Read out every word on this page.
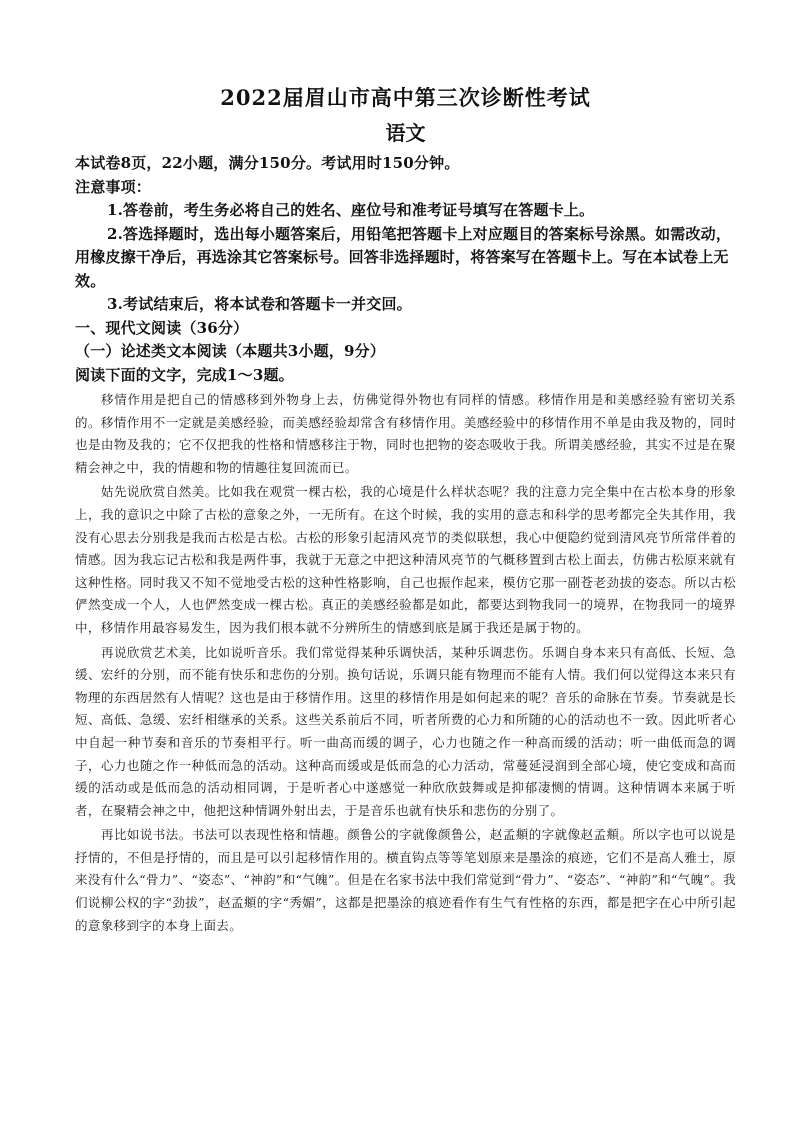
2022届眉山市高中第三次诊断性考试
语文

本试卷8页，22小题，满分150分。考试用时150分钟。

注意事项：

1.答卷前，考生务必将自己的姓名、座位号和准考证号填写在答题卡上。

2.答选择题时，选出每小题答案后，用铅笔把答题卡上对应题目的答案标号涂黑。如需改动，用橡皮擦干净后，再选涂其它答案标号。回答非选择题时，将答案写在答题卡上。写在本试卷上无效。

3.考试结束后，将本试卷和答题卡一并交回。

一、现代文阅读（36分）

（一）论述类文本阅读（本题共3小题，9分）

阅读下面的文字，完成1～3题。

移情作用是把自己的情感移到外物身上去，仿佛觉得外物也有同样的情感。移情作用是和美感经验有密切关系的。移情作用不一定就是美感经验，而美感经验却常含有移情作用。美感经验中的移情作用不单是由我及物的，同时也是由物及我的；它不仅把我的性格和情感移注于物，同时也把物的姿态吸收于我。所谓美感经验，其实不过是在聚精会神之中，我的情趣和物的情趣往复回流而已。

姑先说欣赏自然美。比如我在观赏一棵古松，我的心境是什么样状态呢？我的注意力完全集中在古松本身的形象上，我的意识之中除了古松的意象之外，一无所有。在这个时候，我的实用的意志和科学的思考都完全失其作用，我没有心思去分别我是我而古松是古松。古松的形象引起清风亮节的类似联想，我心中便隐约觉到清风亮节所常伴着的情感。因为我忘记古松和我是两件事，我就于无意之中把这种清风亮节的气概移置到古松上面去，仿佛古松原来就有这种性格。同时我又不知不觉地受古松的这种性格影响，自己也振作起来，模仿它那一副苍老劲拔的姿态。所以古松俨然变成一个人，人也俨然变成一棵古松。真正的美感经验都是如此，都要达到物我同一的境界，在物我同一的境界中，移情作用最容易发生，因为我们根本就不分辨所生的情感到底是属于我还是属于物的。

再说欣赏艺术美，比如说听音乐。我们常觉得某种乐调快活，某种乐调悲伤。乐调自身本来只有高低、长短、急缓、宏纤的分别，而不能有快乐和悲伤的分别。换句话说，乐调只能有物理而不能有人情。我们何以觉得这本来只有物理的东西居然有人情呢？这也是由于移情作用。这里的移情作用是如何起来的呢？音乐的命脉在节奏。节奏就是长短、高低、急缓、宏纤相继承的关系。这些关系前后不同，听者所费的心力和所随的心的活动也不一致。因此听者心中自起一种节奏和音乐的节奏相平行。听一曲高而缓的调子，心力也随之作一种高而缓的活动；听一曲低而急的调子，心力也随之作一种低而急的活动。这种高而缓或是低而急的心力活动，常蔓延浸润到全部心境，使它变成和高而缓的活动或是低而急的活动相同调，于是听者心中遂感觉一种欣欣鼓舞或是抑郁凄恻的情调。这种情调本来属于听者，在聚精会神之中，他把这种情调外射出去，于是音乐也就有快乐和悲伤的分别了。

再比如说书法。书法可以表现性格和情趣。颜鲁公的字就像颜鲁公，赵孟頫的字就像赵孟頫。所以字也可以说是抒情的，不但是抒情的，而且是可以引起移情作用的。横直钩点等等笔划原来是墨涂的痕迹，它们不是高人雅士，原来没有什么“骨力”、“姿态”、“神韵”和“气魄”。但是在名家书法中我们常觉到“骨力”、“姿态”、“神韵”和“气魄”。我们说柳公权的字“劲拔”，赵孟頫的字“秀媚”，这都是把墨涂的痕迹看作有生气有性格的东西，都是把字在心中所引起的意象移到字的本身上面去。
